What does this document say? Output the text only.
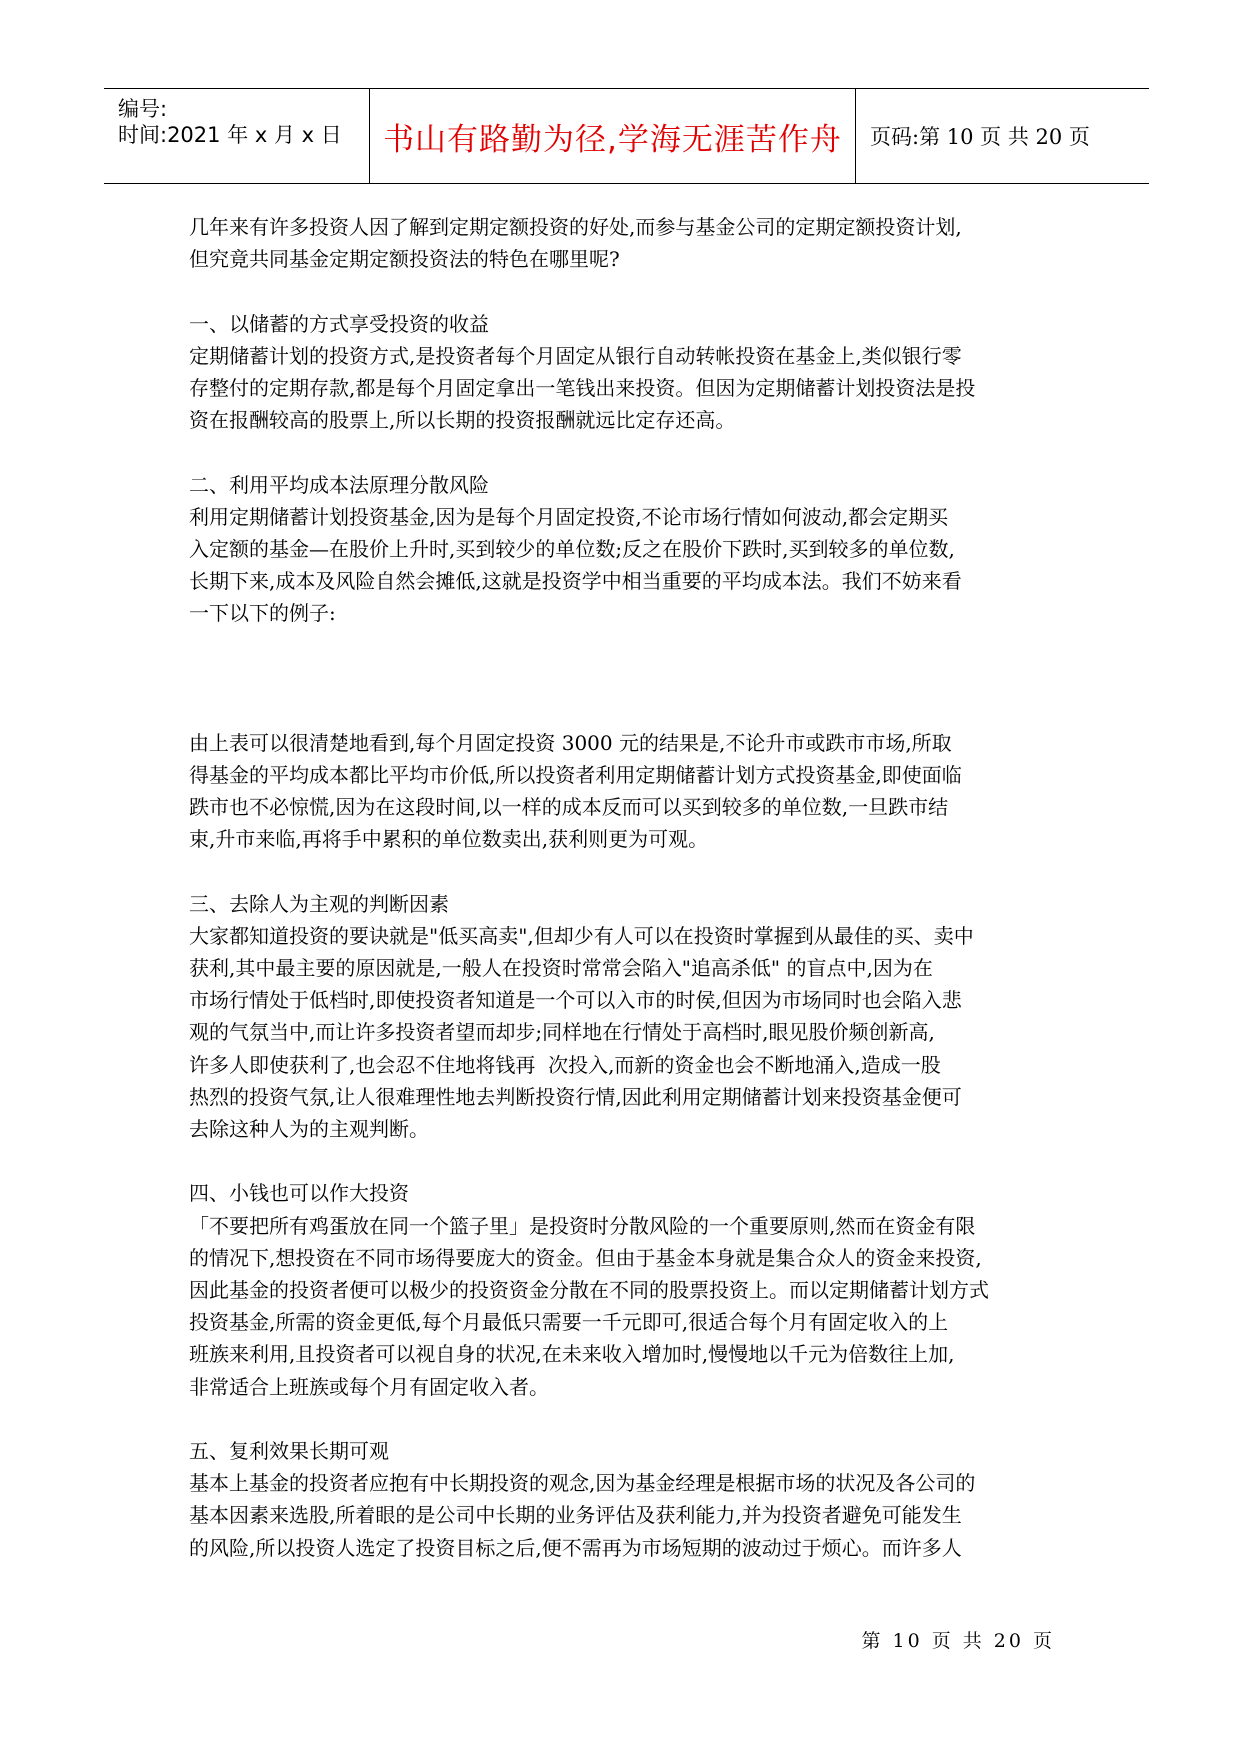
编号:
时间:2021 年 x 月 x 日 书山有路勤为径,学海无涯苦作舟 页码:第 10 页 共 20 页

几年来有许多投资人因了解到定期定额投资的好处,而参与基金公司的定期定额投资计划,

但究竟共同基金定期定额投资法的特色在哪里呢?

一、以储蓄的方式享受投资的收益

定期储蓄计划的投资方式,是投资者每个月固定从银行自动转帐投资在基金上,类似银行零

存整付的定期存款,都是每个月固定拿出一笔钱出来投资。但因为定期储蓄计划投资法是投

资在报酬较高的股票上,所以长期的投资报酬就远比定存还高。

二、利用平均成本法原理分散风险

利用定期储蓄计划投资基金,因为是每个月固定投资,不论市场行情如何波动,都会定期买

入定额的基金—在股价上升时,买到较少的单位数;反之在股价下跌时,买到较多的单位数,

长期下来,成本及风险自然会摊低,这就是投资学中相当重要的平均成本法。我们不妨来看

一下以下的例子:

由上表可以很清楚地看到,每个月固定投资 3000 元的结果是,不论升市或跌市市场,所取

得基金的平均成本都比平均市价低,所以投资者利用定期储蓄计划方式投资基金,即使面临

跌市也不必惊慌,因为在这段时间,以一样的成本反而可以买到较多的单位数,一旦跌市结

束,升市来临,再将手中累积的单位数卖出,获利则更为可观。

三、去除人为主观的判断因素

大家都知道投资的要诀就是"低买高卖",但却少有人可以在投资时掌握到从最佳的买、卖中

获利,其中最主要的原因就是,一般人在投资时常常会陷入"追高杀低" 的盲点中,因为在

市场行情处于低档时,即使投资者知道是一个可以入市的时侯,但因为市场同时也会陷入悲

观的气氛当中,而让许多投资者望而却步;同样地在行情处于高档时,眼见股价频创新高,

许多人即使获利了,也会忍不住地将钱再  次投入,而新的资金也会不断地涌入,造成一股

热烈的投资气氛,让人很难理性地去判断投资行情,因此利用定期储蓄计划来投资基金便可

去除这种人为的主观判断。

四、小钱也可以作大投资

「不要把所有鸡蛋放在同一个篮子里」是投资时分散风险的一个重要原则,然而在资金有限

的情况下,想投资在不同市场得要庞大的资金。但由于基金本身就是集合众人的资金来投资,

因此基金的投资者便可以极少的投资资金分散在不同的股票投资上。而以定期储蓄计划方式

投资基金,所需的资金更低,每个月最低只需要一千元即可,很适合每个月有固定收入的上

班族来利用,且投资者可以视自身的状况,在未来收入增加时,慢慢地以千元为倍数往上加,

非常适合上班族或每个月有固定收入者。

五、复利效果长期可观

基本上基金的投资者应抱有中长期投资的观念,因为基金经理是根据市场的状况及各公司的

基本因素来选股,所着眼的是公司中长期的业务评估及获利能力,并为投资者避免可能发生

的风险,所以投资人选定了投资目标之后,便不需再为市场短期的波动过于烦心。而许多人

第 10 页 共 20 页
